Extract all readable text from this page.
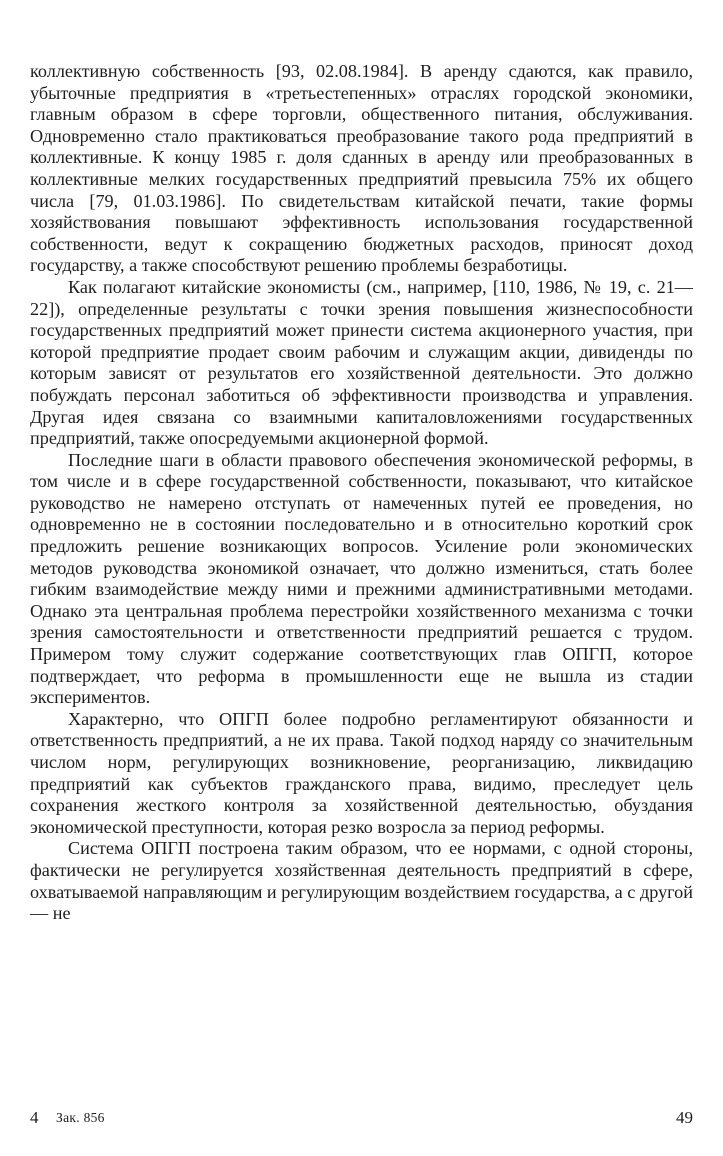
коллективную собственность [93, 02.08.1984]. В аренду сдаются, как правило, убыточные предприятия в «третьестепенных» отраслях городской экономики, главным образом в сфере торговли, общественного питания, обслуживания. Одновременно стало практиковаться преобразование такого рода предприятий в коллективные. К концу 1985 г. доля сданных в аренду или преобразованных в коллективные мелких государственных предприятий превысила 75% их общего числа [79, 01.03.1986]. По свидетельствам китайской печати, такие формы хозяйствования повышают эффективность использования государственной собственности, ведут к сокращению бюджетных расходов, приносят доход государству, а также способствуют решению проблемы безработицы.

Как полагают китайские экономисты (см., например, [110, 1986, № 19, с. 21—22]), определенные результаты с точки зрения повышения жизнеспособности государственных предприятий может принести система акционерного участия, при которой предприятие продает своим рабочим и служащим акции, дивиденды по которым зависят от результатов его хозяйственной деятельности. Это должно побуждать персонал заботиться об эффективности производства и управления. Другая идея связана со взаимными капиталовложениями государственных предприятий, также опосредуемыми акционерной формой.

Последние шаги в области правового обеспечения экономической реформы, в том числе и в сфере государственной собственности, показывают, что китайское руководство не намерено отступать от намеченных путей ее проведения, но одновременно не в состоянии последовательно и в относительно короткий срок предложить решение возникающих вопросов. Усиление роли экономических методов руководства экономикой означает, что должно измениться, стать более гибким взаимодействие между ними и прежними административными методами. Однако эта центральная проблема перестройки хозяйственного механизма с точки зрения самостоятельности и ответственности предприятий решается с трудом. Примером тому служит содержание соответствующих глав ОПГП, которое подтверждает, что реформа в промышленности еще не вышла из стадии экспериментов.

Характерно, что ОПГП более подробно регламентируют обязанности и ответственность предприятий, а не их права. Такой подход наряду со значительным числом норм, регулирующих возникновение, реорганизацию, ликвидацию предприятий как субъектов гражданского права, видимо, преследует цель сохранения жесткого контроля за хозяйственной деятельностью, обуздания экономической преступности, которая резко возросла за период реформы.

Система ОПГП построена таким образом, что ее нормами, с одной стороны, фактически не регулируется хозяйственная деятельность предприятий в сфере, охватываемой направляющим и регулирующим воздействием государства, а с другой — не

4 Зак. 856	49
